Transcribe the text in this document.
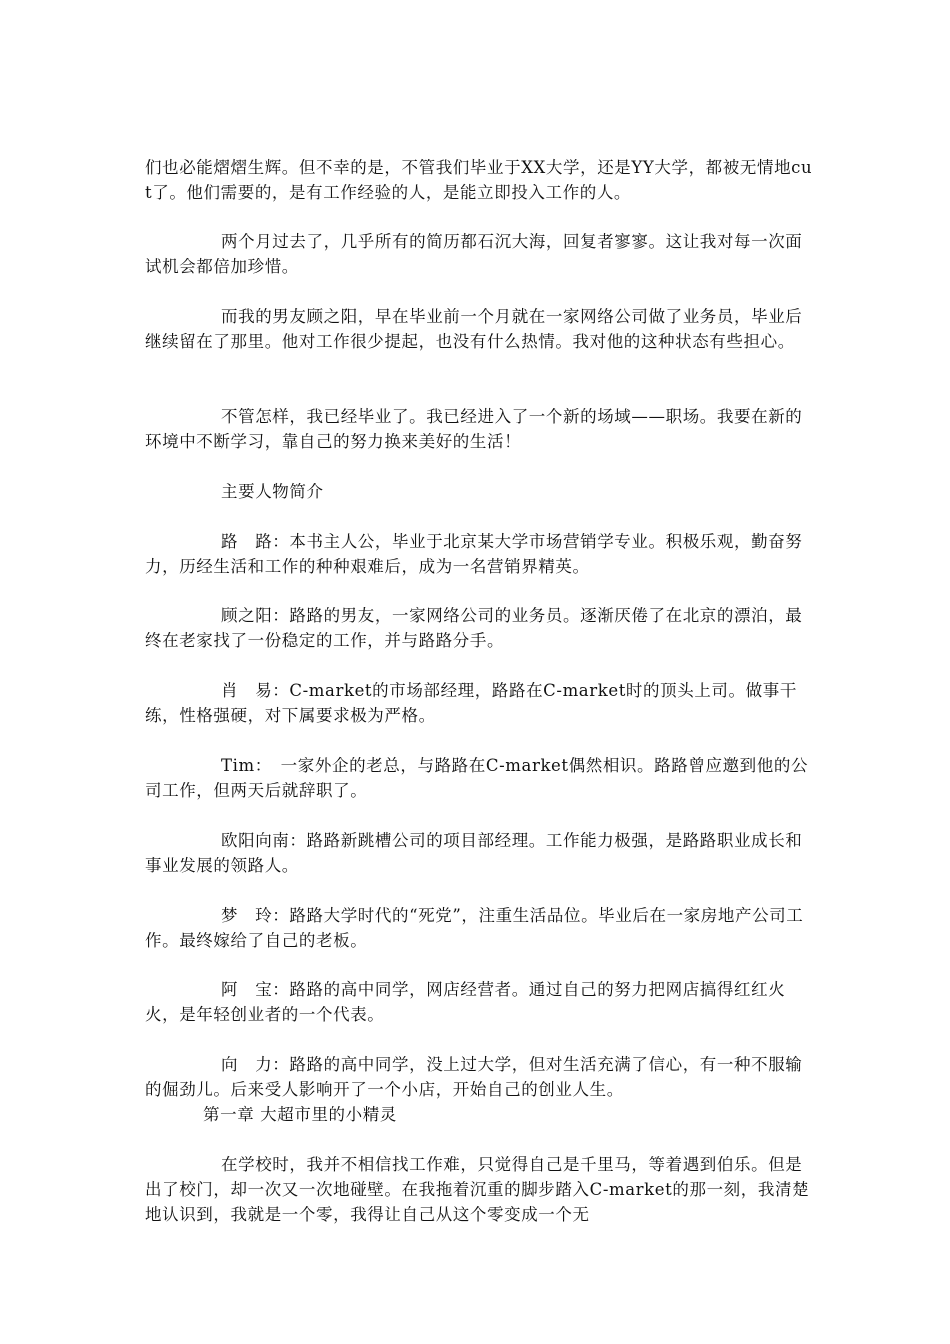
们也必能熠熠生辉。但不幸的是，不管我们毕业于XX大学，还是YY大学，都被无情地cut了。他们需要的，是有工作经验的人，是能立即投入工作的人。

两个月过去了，几乎所有的简历都石沉大海，回复者寥寥。这让我对每一次面试机会都倍加珍惜。

而我的男友顾之阳，早在毕业前一个月就在一家网络公司做了业务员，毕业后继续留在了那里。他对工作很少提起，也没有什么热情。我对他的这种状态有些担心。

不管怎样，我已经毕业了。我已经进入了一个新的场域——职场。我要在新的环境中不断学习，靠自己的努力换来美好的生活！

主要人物简介

路　路：本书主人公，毕业于北京某大学市场营销学专业。积极乐观，勤奋努力，历经生活和工作的种种艰难后，成为一名营销界精英。

顾之阳：路路的男友，一家网络公司的业务员。逐渐厌倦了在北京的漂泊，最终在老家找了一份稳定的工作，并与路路分手。

肖　易：C-market的市场部经理，路路在C-market时的顶头上司。做事干练，性格强硬，对下属要求极为严格。

Tim：　一家外企的老总，与路路在C-market偶然相识。路路曾应邀到他的公司工作，但两天后就辞职了。

欧阳向南：路路新跳槽公司的项目部经理。工作能力极强，是路路职业成长和事业发展的领路人。

梦　玲：路路大学时代的“死党”，注重生活品位。毕业后在一家房地产公司工作。最终嫁给了自己的老板。

阿　宝：路路的高中同学，网店经营者。通过自己的努力把网店搞得红红火火，是年轻创业者的一个代表。

向　力：路路的高中同学，没上过大学，但对生活充满了信心，有一种不服输的倔劲儿。后来受人影响开了一个小店，开始自己的创业人生。

第一章 大超市里的小精灵

在学校时，我并不相信找工作难，只觉得自己是千里马，等着遇到伯乐。但是出了校门，却一次又一次地碰壁。在我拖着沉重的脚步踏入C-market的那一刻，我清楚地认识到，我就是一个零，我得让自己从这个零变成一个无
